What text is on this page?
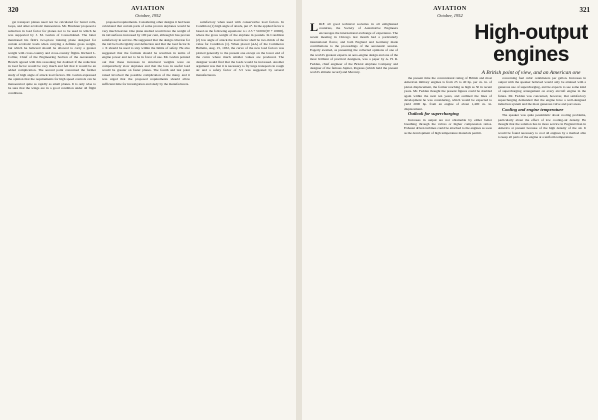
320	AVIATION
October, 1952

get transport planes need not be calculated for barrel rolls, loops, and other acrobatic manoeuvres. Mr. Bruckner proposed a reduction in load factor for planes not to be used in which he was supported by J. M. Gwinn of Consolidated. The latter mentioned his firm's two-place training plane designed for certain acrobatic loads when carrying a definite gross weight, but which he believed should be allowed to carry a greater weight with cross-country and cross-country flights. Richard L. Collier, Chief of the Engineering Section of the Aeronautics Branch agreed with this reasoning but doubted if the reduction in load factor would be very much and felt that it would be an added complication. The second point concerned the further study of high angle of attack load factors. Mr. Gwinn expressed the opinion that the requirements for high speed controls can be manoeuvred quite as rapidly as small planes. It is only wise to be sure that the wings are in a good condition under all flight conditions.

proposed requirements. Considering other designs it had been calculated that certain parts of some proven airplanes would be very much heavier. One plane studied would have the weight of its tail surfaces increased by 100 per cent, although it has proven satisfactory in service. He suggested that the design criterion for the tail be both rigidity and deflection and that the load factor K = X should be used to stay within the limits of safety. He also suggested that the formula should be rewritten in terms of engine power and not to be in favor of use. Mr. Gwinn pointed out that these increases in structural weights were on comparatively slow airplanes and that the loss in useful load would be greater on faster planes. The fourth and last point raised involved the possible complication of the many, and it was urged that the proposed requirements should allow sufficient time for investigation and study by the manufacturers.

satisfactory when used with conservative load factors. In Condition (1) high angle of attack, put a*. In the applied factor n based on the following equations: n = 2.5 + 51000/(W + 10000), where the gross weight of the airplane in pounds. In Condition (2) low angle of attack the load factor shall be two-thirds of the value for Condition (1). When placed (AA) of the Commerce Bulletin, Aug. 15, 1932, the curve of the new load factors was plotted generally to the present one except on the lower end of the curve where much smaller values are produced. The designer would find that the loads would be increased. Another argument was that it is necessary to fly large transports in rough air and a safety factor of 3.5 was suggested by several manufacturers.

321
AVIATION
October, 1952
High-output engines
A British point of view, and an American one

LIKE all good technical societies in all enlightened countries, the Society of Automotive Engineers encourages the international exchange of experience. The recent meeting in Chicago last month had a particularly international flavor, and both England and Germany made contributions to the proceedings of the aeronautic session. Eagerly awaited, as presenting the collected opinions of one of the world's greatest experts on aero-engine design and one of the most brilliant of practical designers, was a paper by A. H. R. Fedden, chief engineer of the Bristol Airplane Company and designer of the famous Jupiter, Pegasus (which held the present world's altitude record) and Mercury.

the present time the conventional rating of British and most American military engines is from 25 to 40 hp. per cu. in. of piston displacement, the former reaching as high as 50 in recent years. Mr. Fedden thought the present figures could be doubled again within the next ten years, and outlined the lines of development he was considering, which would be expected to yield 2000 hp. from an engine of about 1,400 cu. in. displacement.

Outlook for supercharging

Increases in output are not obtainable by either better breathing through the valves or higher compression ratios. Exhaust driven turbines could be attached to the engines as soon as the development of high temperature materials permit.

concerning fuel cubic centimeters per gallon. Increases in output with the speaker believed would only be attained with a generous use of supercharging, and he expects to see some kind of supercharging arrangement on every aircraft engine in the future. Mr. Fedden was concerned, however, that satisfactory supercharging demanded that the engine have a well-designed induction system and the most generous valve and port areas.

Cooling and engine temperature

The speaker was quite pessimistic about cooling problems, particularly about the effect of low cooling-air density. He thought that the solution lies in more service in England than in America at present because of the high density of the air. It would be found necessary to cool all engines by a method able to keep all parts of the engine at a uniform temperature.
